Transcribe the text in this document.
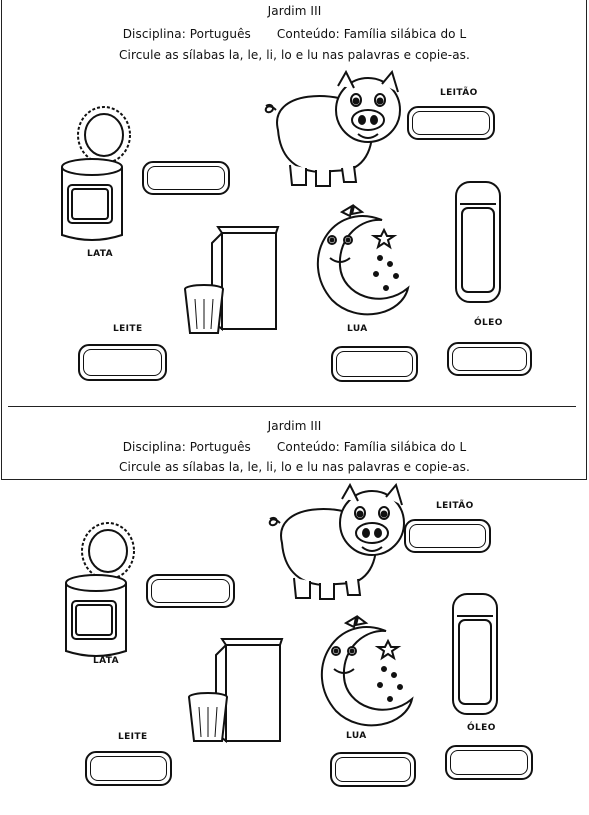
Jardim III
Disciplina: Português Conteúdo: Família silábica do L
Circule as sílabas la, le, li, lo e lu nas palavras e copie-as.
LEITÃO
LATA
LEITE	LUA
ÓLEO
Jardim III
Disciplina: Português Conteúdo: Família silábica do L
Circule as sílabas la, le, li, lo e lu nas palavras e copie-as.
LEITÃO
LATA
LEITE	LUA
ÓLEO
